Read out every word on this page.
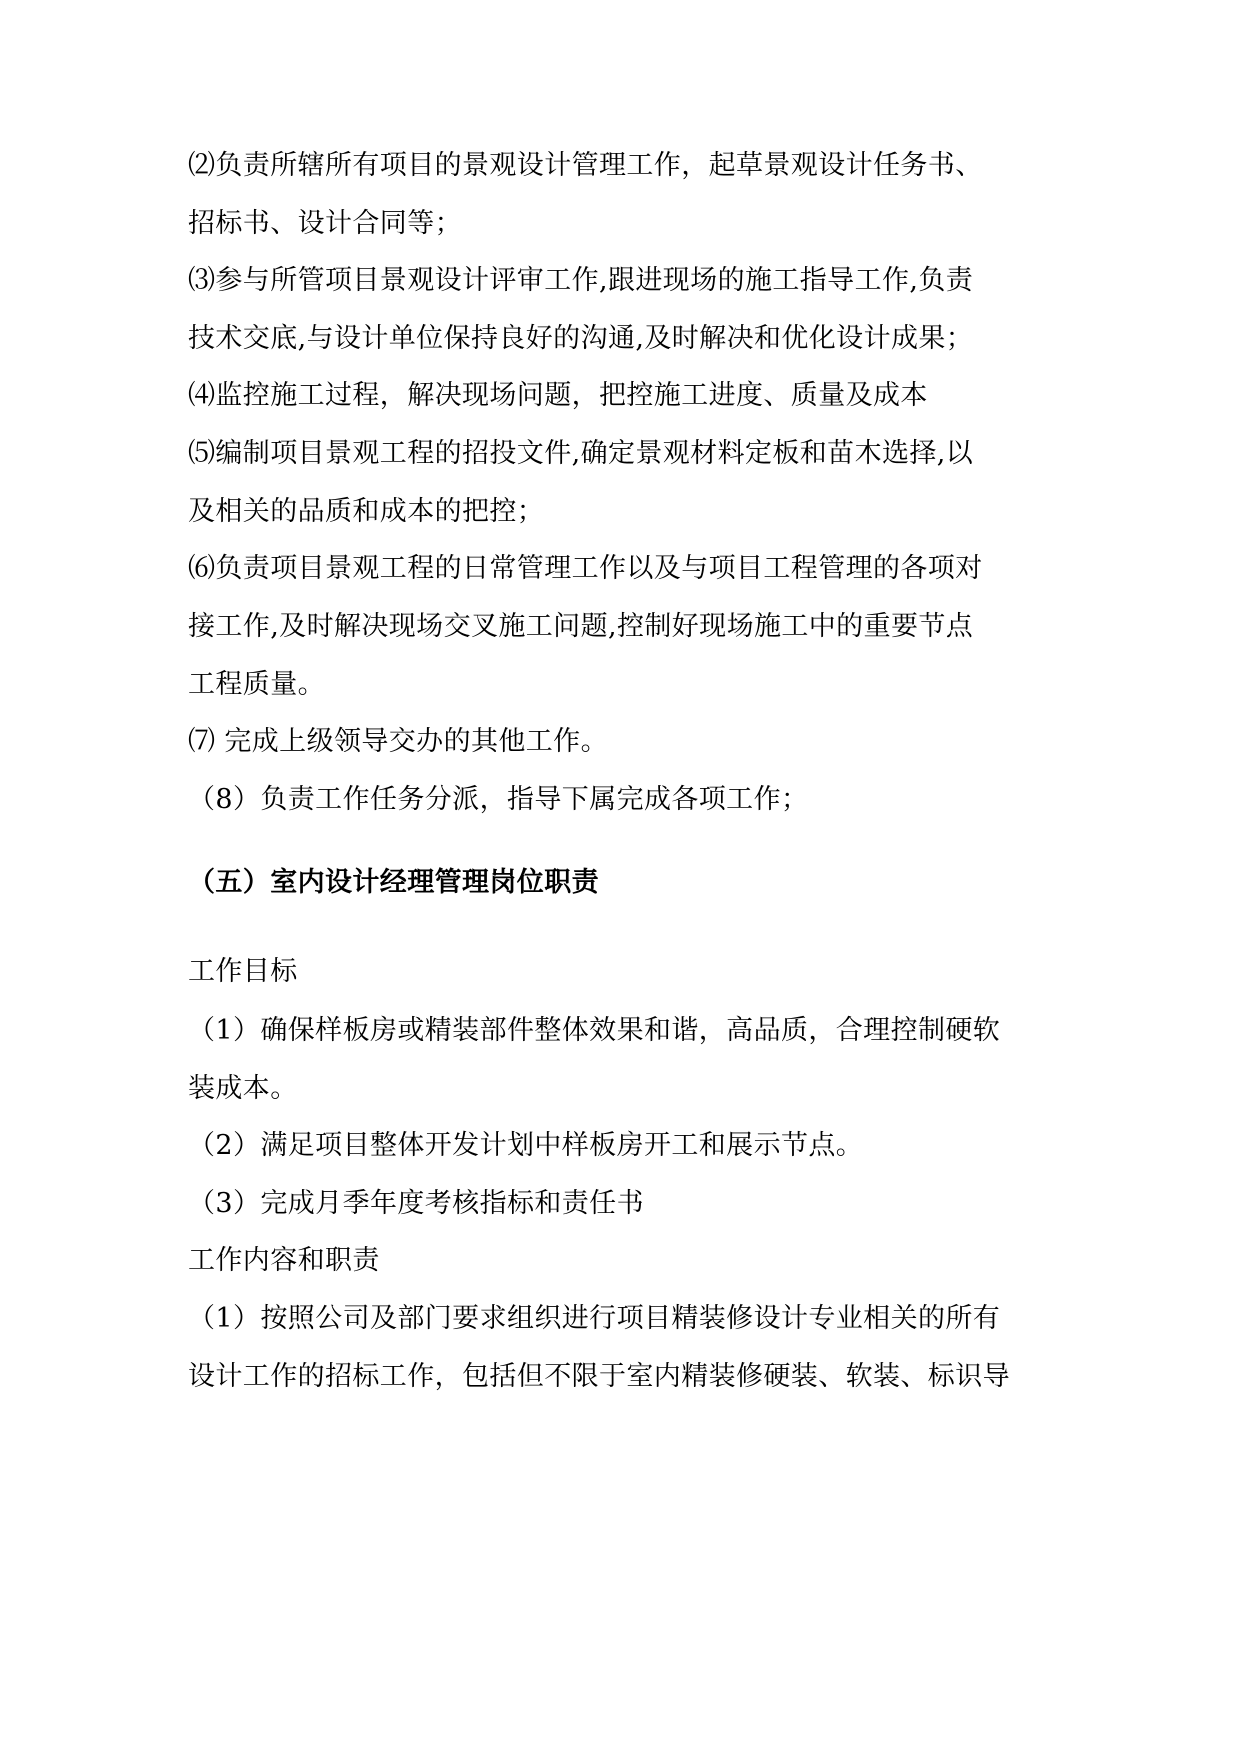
⑵负责所辖所有项目的景观设计管理工作，起草景观设计任务书、
招标书、设计合同等；
⑶参与所管项目景观设计评审工作,跟进现场的施工指导工作,负责
技术交底,与设计单位保持良好的沟通,及时解决和优化设计成果；
⑷监控施工过程，解决现场问题，把控施工进度、质量及成本
⑸编制项目景观工程的招投文件,确定景观材料定板和苗木选择,以
及相关的品质和成本的把控；
⑹负责项目景观工程的日常管理工作以及与项目工程管理的各项对
接工作,及时解决现场交叉施工问题,控制好现场施工中的重要节点
工程质量。
⑺ 完成上级领导交办的其他工作。
（8）负责工作任务分派，指导下属完成各项工作；
（五）室内设计经理管理岗位职责
工作目标
（1）确保样板房或精装部件整体效果和谐，高品质，合理控制硬软
装成本。
（2）满足项目整体开发计划中样板房开工和展示节点。
（3）完成月季年度考核指标和责任书
工作内容和职责
（1）按照公司及部门要求组织进行项目精装修设计专业相关的所有
设计工作的招标工作，包括但不限于室内精装修硬装、软装、标识导
